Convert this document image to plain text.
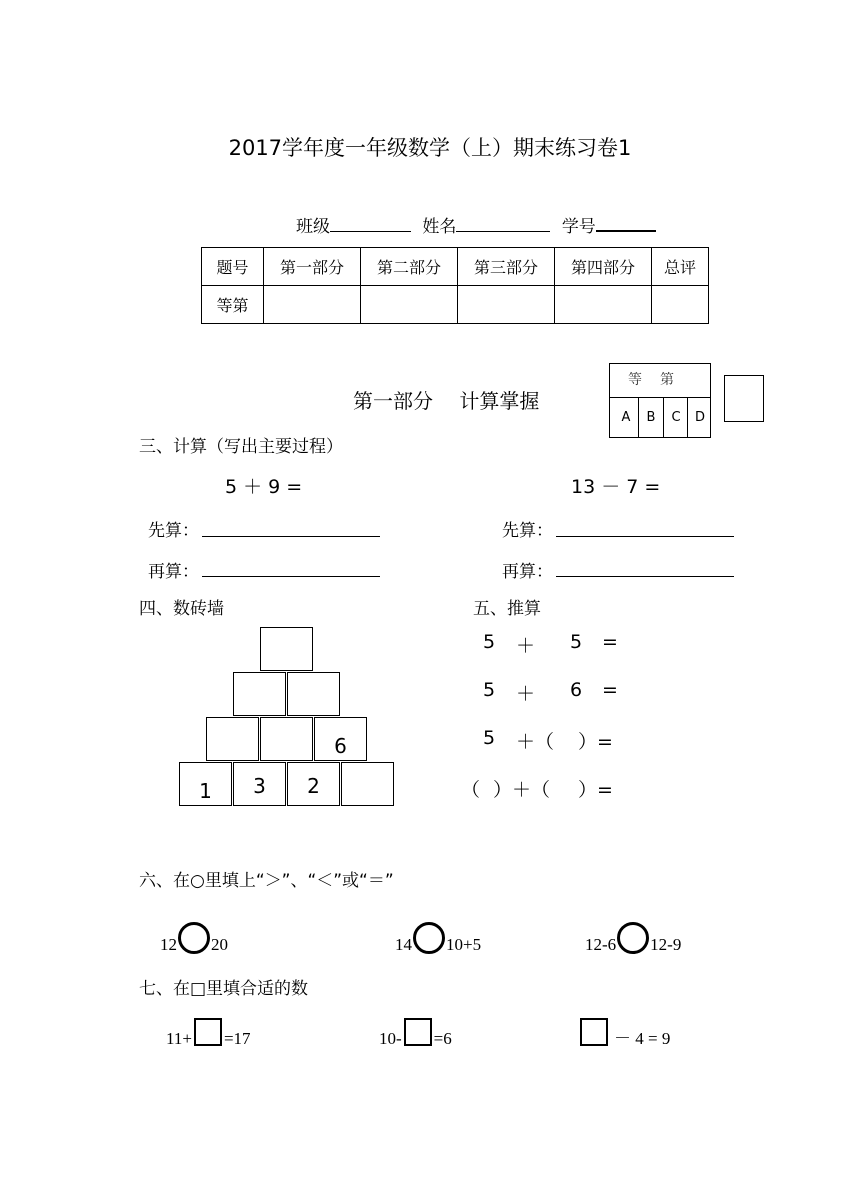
2017学年度一年级数学（上）期末练习卷1
班级	姓名	学号
题号	第一部分	第二部分	第三部分	第四部分	总评
等第					
第一部分　 计算掌握
等第
A	B	C	D
三、计算（写出主要过程）
5 ＋ 9 =	13 － 7 =
先算：	先算：
再算：	再算：
四、数砖墙
6
1	3	2
五、推算
5 ＋ 5 =
5 ＋ 6 =
5 ＋（ ）=
（ ）＋（ ）=
六、在○里填上“＞”、“＜”或“＝”
12 20	14 10+5	12-6 12-9
七、在□里填合适的数
11+ =17	10- =6	－ 4 = 9
